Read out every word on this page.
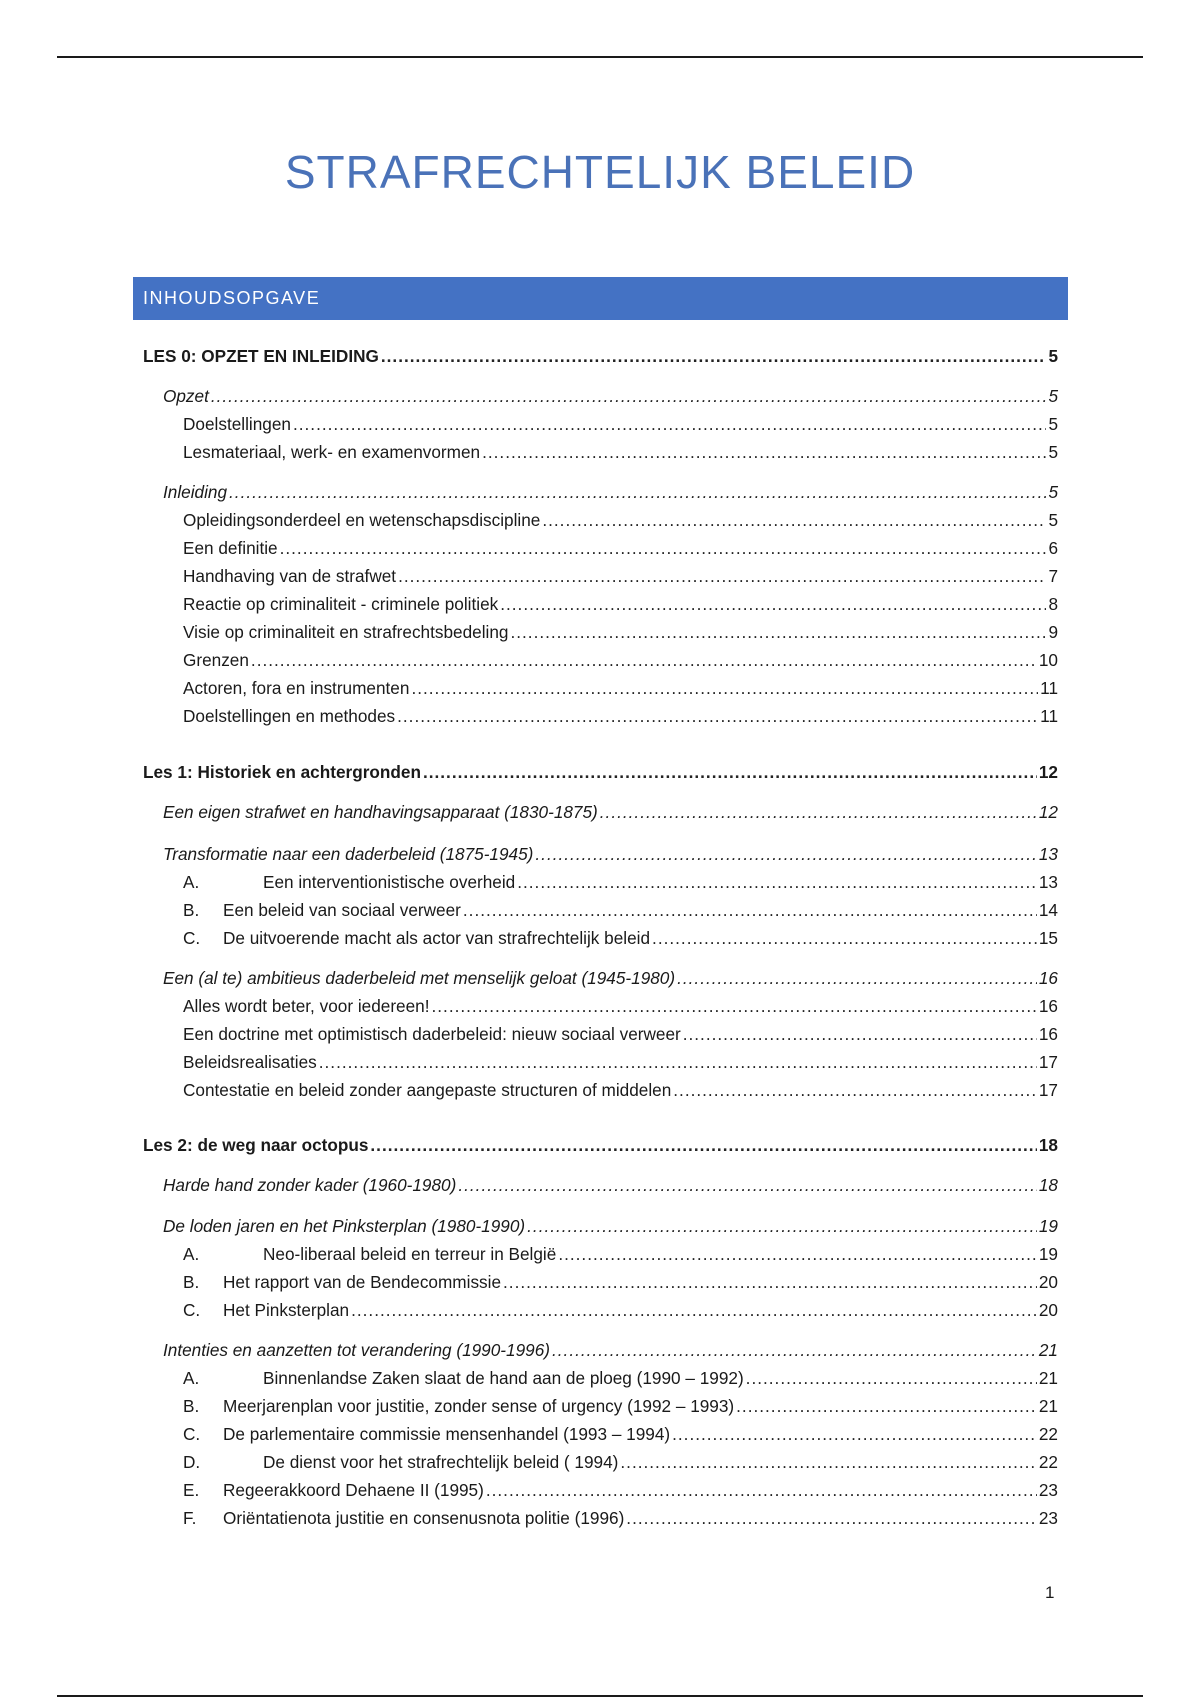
STRAFRECHTELIJK BELEID
INHOUDSOPGAVE
LES 0: OPZET EN INLEIDING .....	5
Opzet .....	5
Doelstellingen .....	5
Lesmateriaal, werk- en examenvormen .....	5
Inleiding .....	5
Opleidingsonderdeel en wetenschapsdiscipline .....	5
Een definitie .....	6
Handhaving van de strafwet .....	7
Reactie op criminaliteit - criminele politiek .....	8
Visie op criminaliteit en strafrechtsbedeling .....	9
Grenzen .....	10
Actoren, fora en instrumenten .....	11
Doelstellingen en methodes .....	11
Les 1: Historiek en achtergronden .....	12
Een eigen strafwet en handhavingsapparaat (1830-1875) .....	12
Transformatie naar een daderbeleid (1875-1945) .....	13
A.	Een interventionistische overheid .....	13
B.	Een beleid van sociaal verweer .....	14
C.	De uitvoerende macht als actor van strafrechtelijk beleid .....	15
Een (al te) ambitieus daderbeleid met menselijk geloat (1945-1980) .....	16
Alles wordt beter, voor iedereen! .....	16
Een doctrine met optimistisch daderbeleid: nieuw sociaal verweer .....	16
Beleidsrealisaties .....	17
Contestatie en beleid zonder aangepaste structuren of middelen .....	17
Les 2: de weg naar octopus .....	18
Harde hand zonder kader (1960-1980) .....	18
De loden jaren en het Pinksterplan (1980-1990) .....	19
A.	Neo-liberaal beleid en terreur in België .....	19
B.	Het rapport van de Bendecommissie .....	20
C.	Het Pinksterplan .....	20
Intenties en aanzetten tot verandering (1990-1996) .....	21
A.	Binnenlandse Zaken slaat de hand aan de ploeg (1990 – 1992) .....	21
B.	Meerjarenplan voor justitie, zonder sense of urgency (1992 – 1993) .....	21
C.	De parlementaire commissie mensenhandel (1993 – 1994) .....	22
D.	De dienst voor het strafrechtelijk beleid ( 1994) .....	22
E.	Regeerakkoord Dehaene II (1995) .....	23
F.	Oriëntatienota justitie en consenusnota politie (1996) .....	23
1
